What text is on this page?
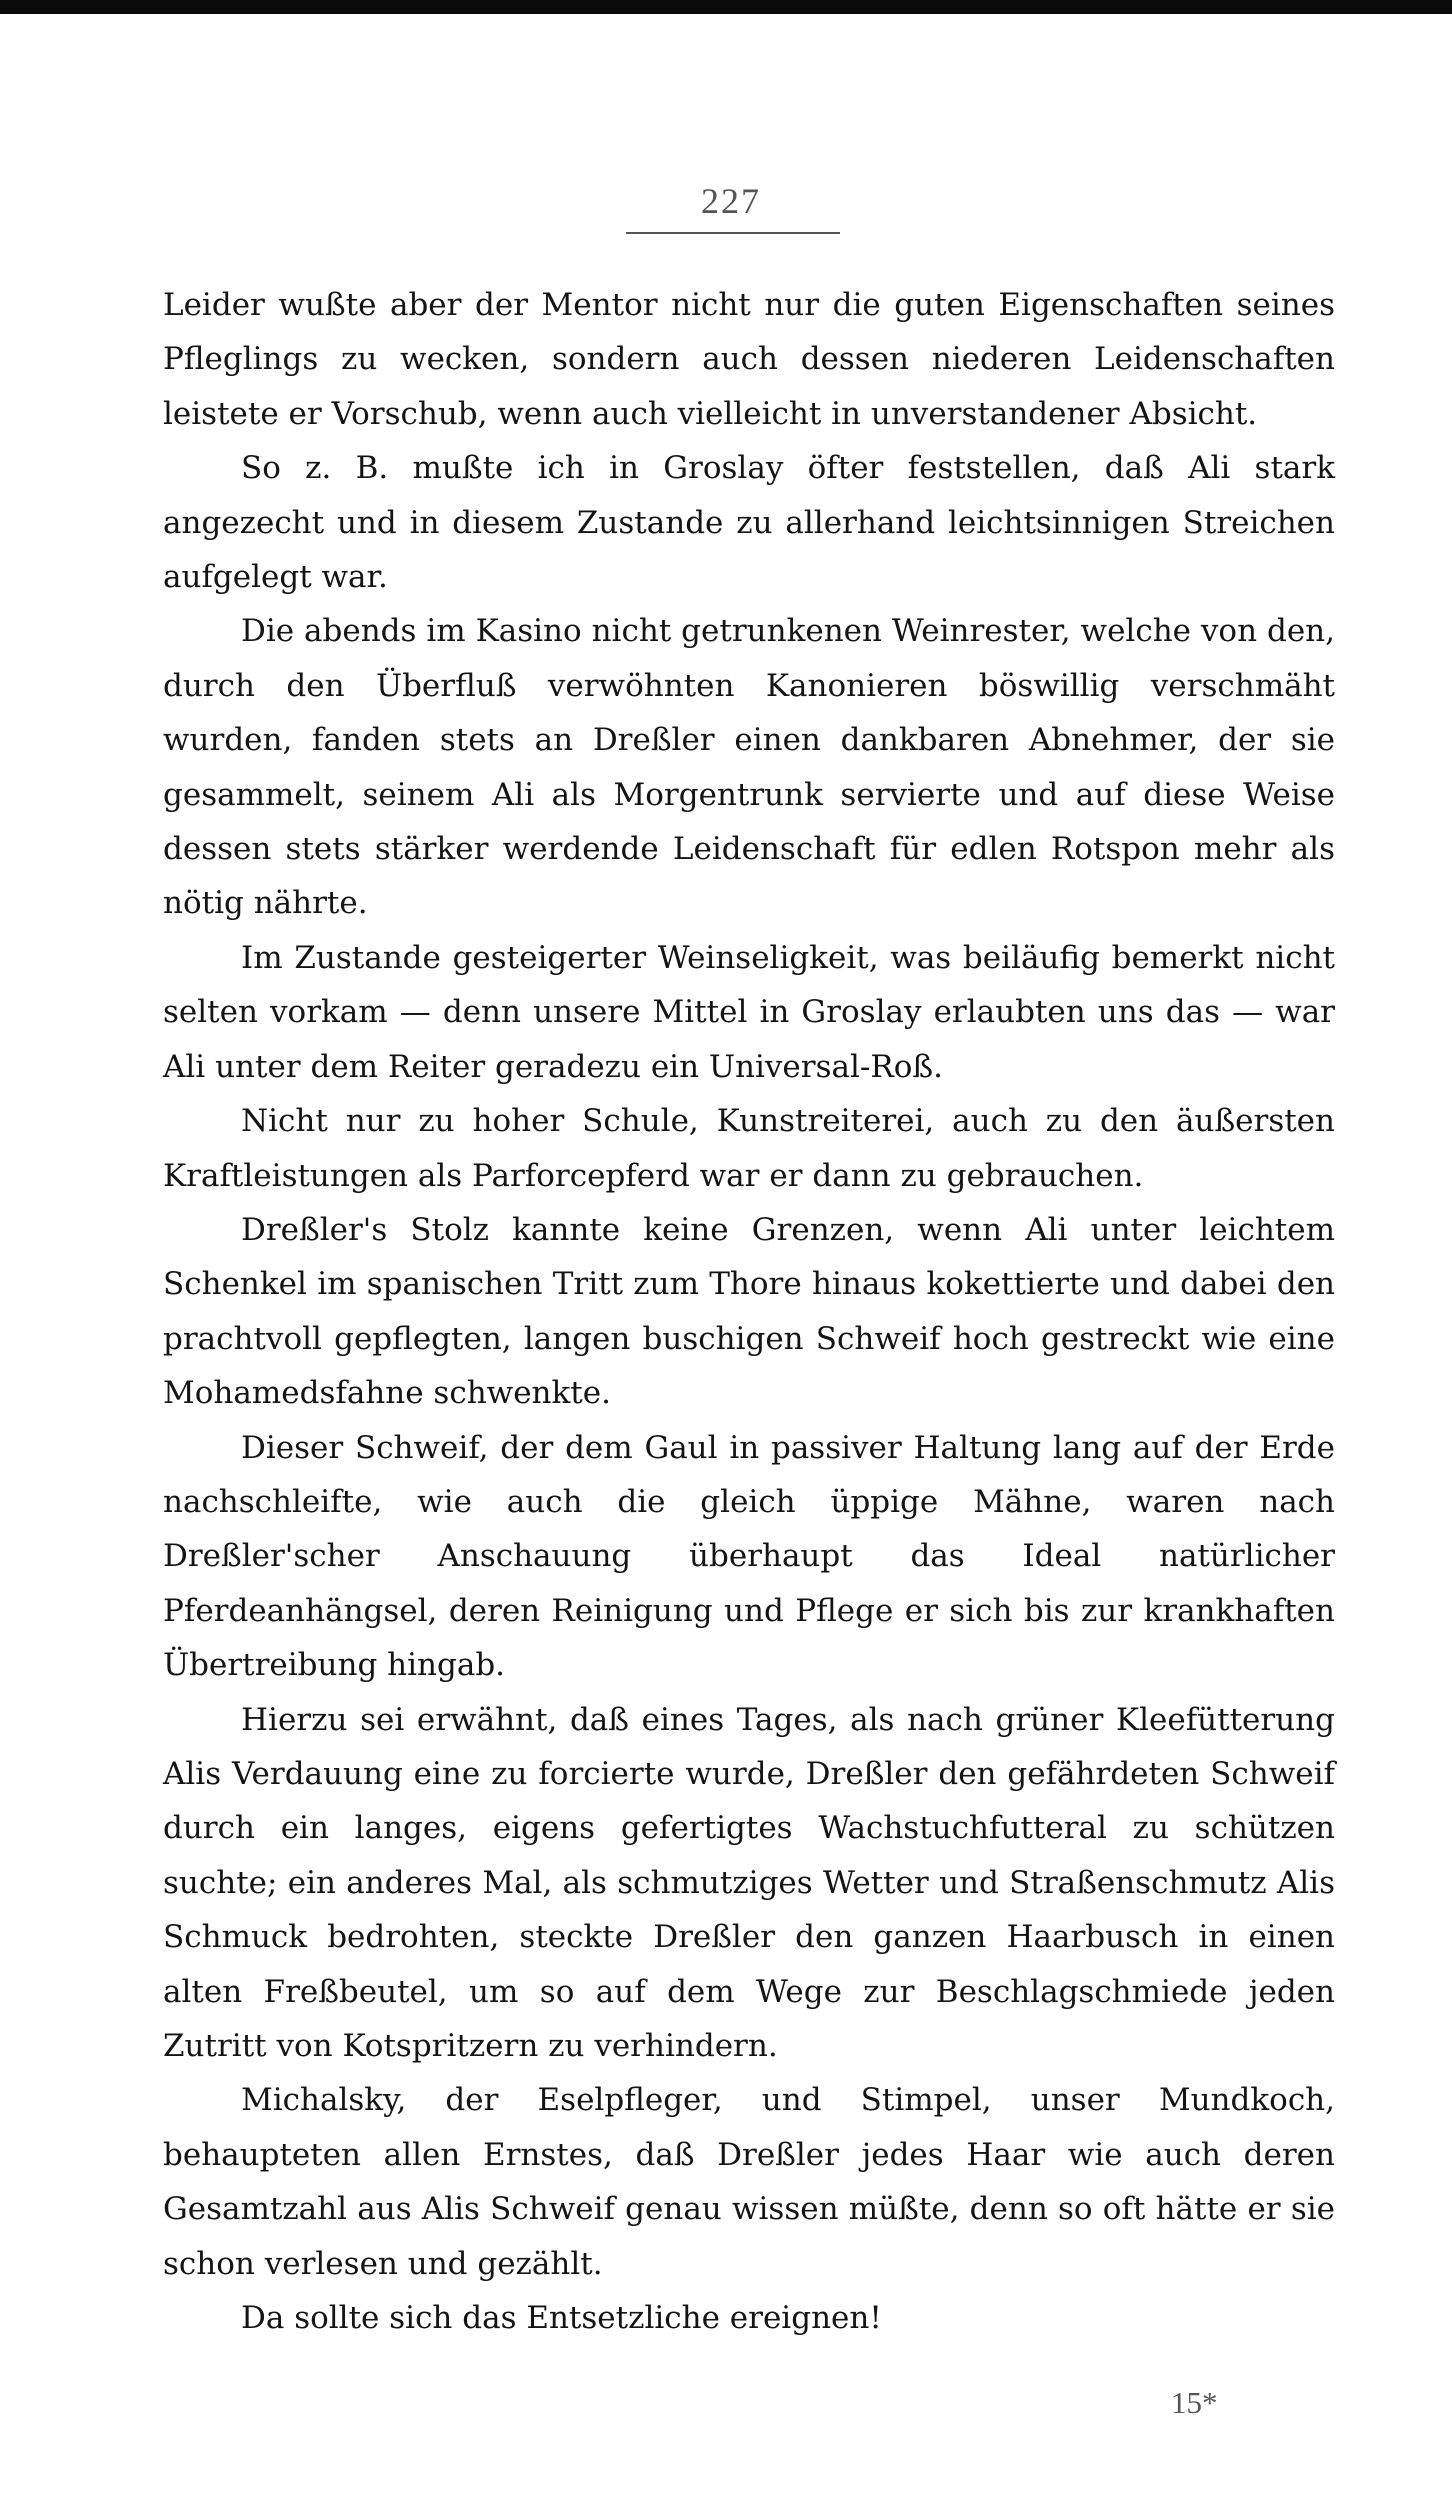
227

Leider wußte aber der Mentor nicht nur die guten Eigenschaften seines Pfleglings zu wecken, sondern auch dessen niederen Leidenschaften leistete er Vorschub, wenn auch vielleicht in unverstandener Absicht.

So z. B. mußte ich in Groslay öfter feststellen, daß Ali stark angezecht und in diesem Zustande zu allerhand leichtsinnigen Streichen aufgelegt war.

Die abends im Kasino nicht getrunkenen Weinrester, welche von den, durch den Überfluß verwöhnten Kanonieren böswillig verschmäht wurden, fanden stets an Dreßler einen dankbaren Abnehmer, der sie gesammelt, seinem Ali als Morgentrunk servierte und auf diese Weise dessen stets stärker werdende Leidenschaft für edlen Rotspon mehr als nötig nährte.

Im Zustande gesteigerter Weinseligkeit, was beiläufig bemerkt nicht selten vorkam — denn unsere Mittel in Groslay erlaubten uns das — war Ali unter dem Reiter geradezu ein Universal-Roß.

Nicht nur zu hoher Schule, Kunstreiterei, auch zu den äußersten Kraftleistungen als Parforcepferd war er dann zu gebrauchen.

Dreßler's Stolz kannte keine Grenzen, wenn Ali unter leichtem Schenkel im spanischen Tritt zum Thore hinaus kokettierte und dabei den prachtvoll gepflegten, langen buschigen Schweif hoch gestreckt wie eine Mohamedsfahne schwenkte.

Dieser Schweif, der dem Gaul in passiver Haltung lang auf der Erde nachschleifte, wie auch die gleich üppige Mähne, waren nach Dreßler'scher Anschauung überhaupt das Ideal natürlicher Pferdeanhängsel, deren Reinigung und Pflege er sich bis zur krankhaften Übertreibung hingab.

Hierzu sei erwähnt, daß eines Tages, als nach grüner Kleefütterung Alis Verdauung eine zu forcierte wurde, Dreßler den gefährdeten Schweif durch ein langes, eigens gefertigtes Wachstuchfutteral zu schützen suchte; ein anderes Mal, als schmutziges Wetter und Straßenschmutz Alis Schmuck bedrohten, steckte Dreßler den ganzen Haarbusch in einen alten Freßbeutel, um so auf dem Wege zur Beschlagschmiede jeden Zutritt von Kotspritzern zu verhindern.

Michalsky, der Eselpfleger, und Stimpel, unser Mundkoch, behaupteten allen Ernstes, daß Dreßler jedes Haar wie auch deren Gesamtzahl aus Alis Schweif genau wissen müßte, denn so oft hätte er sie schon verlesen und gezählt.

Da sollte sich das Entsetzliche ereignen!

15*
